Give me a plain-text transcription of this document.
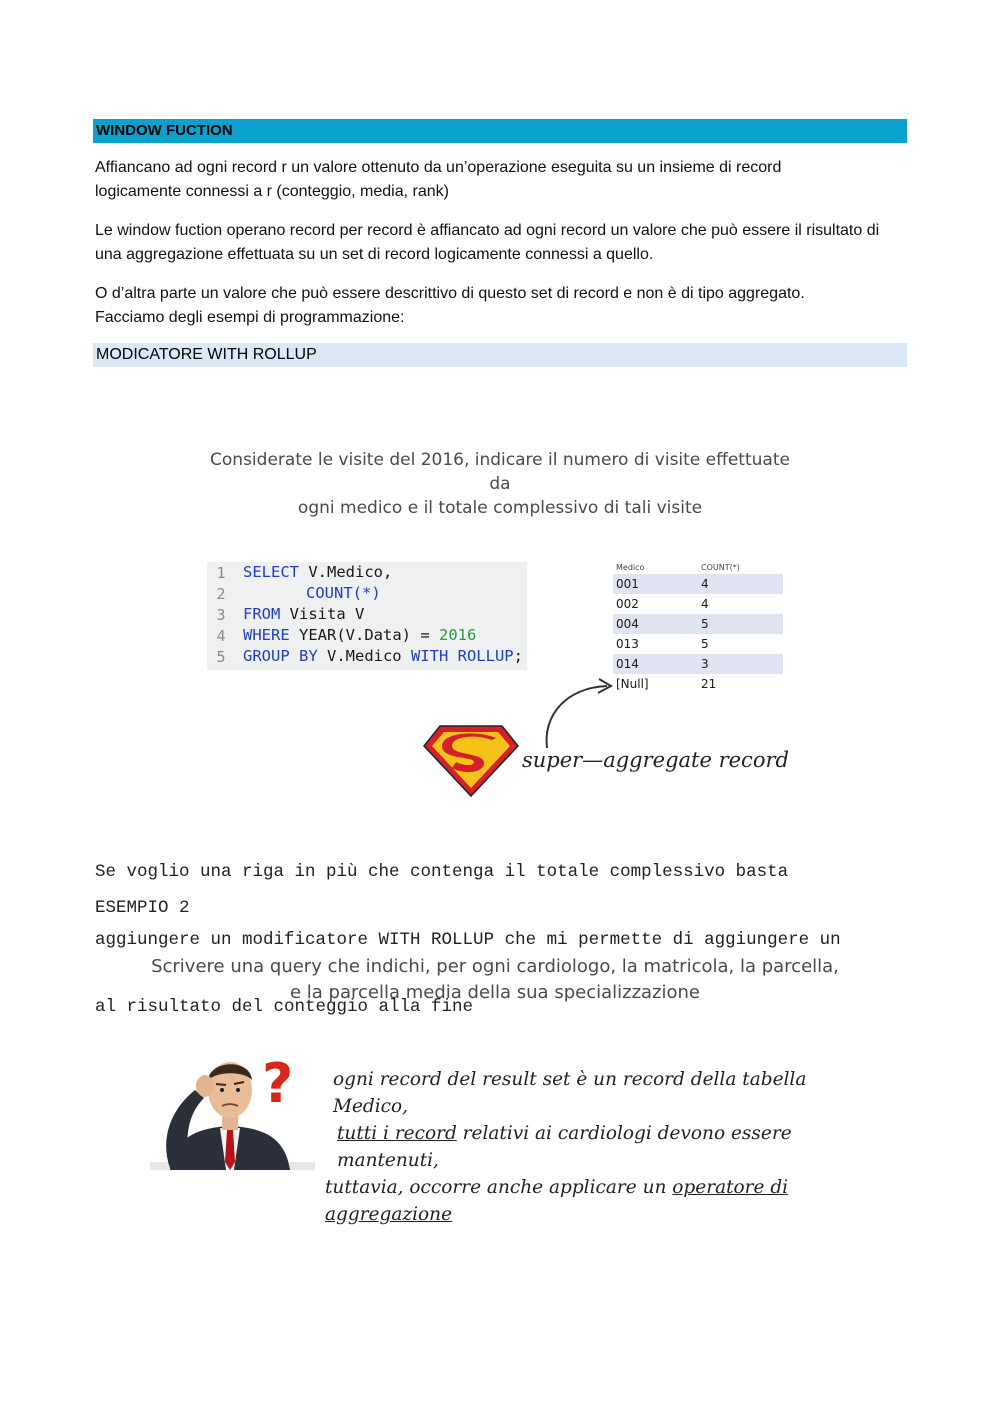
WINDOW FUCTION
Affiancano ad ogni record r un valore ottenuto da un’operazione eseguita su un insieme di record logicamente connessi a r (conteggio, media, rank)
Le window fuction operano record per record è affiancato ad ogni record un valore che può essere il risultato di una aggregazione effettuata su un set di record logicamente connessi a quello.
O d’altra parte un valore che può essere descrittivo di questo set di record e non è di tipo aggregato. Facciamo degli esempi di programmazione:
MODICATORE WITH ROLLUP
Considerate le visite del 2016, indicare il numero di visite effettuate da
ogni medico e il totale complessivo di tali visite
1	SELECT V.Medico,
2	COUNT(*)
3	FROM Visita V
4	WHERE YEAR(V.Data) = 2016
5	GROUP BY V.Medico WITH ROLLUP;
Medico	COUNT(*)
001	4
002	4
004	5
013	5
014	3
[Null]	21
super—aggregate record

Se voglio una riga in più che contenga il totale complessivo basta

aggiungere un modificatore WITH ROLLUP che mi permette di aggiungere un

al risultato del conteggio alla fine

ESEMPIO 2
Scrivere una query che indichi, per ogni cardiologo, la matricola, la parcella,
e la parcella media della sua specializzazione
?	ogni record del result set è un record della tabella Medico,
tutti i record relativi ai cardiologi devono essere mantenuti,
tuttavia, occorre anche applicare un operatore di aggregazione
